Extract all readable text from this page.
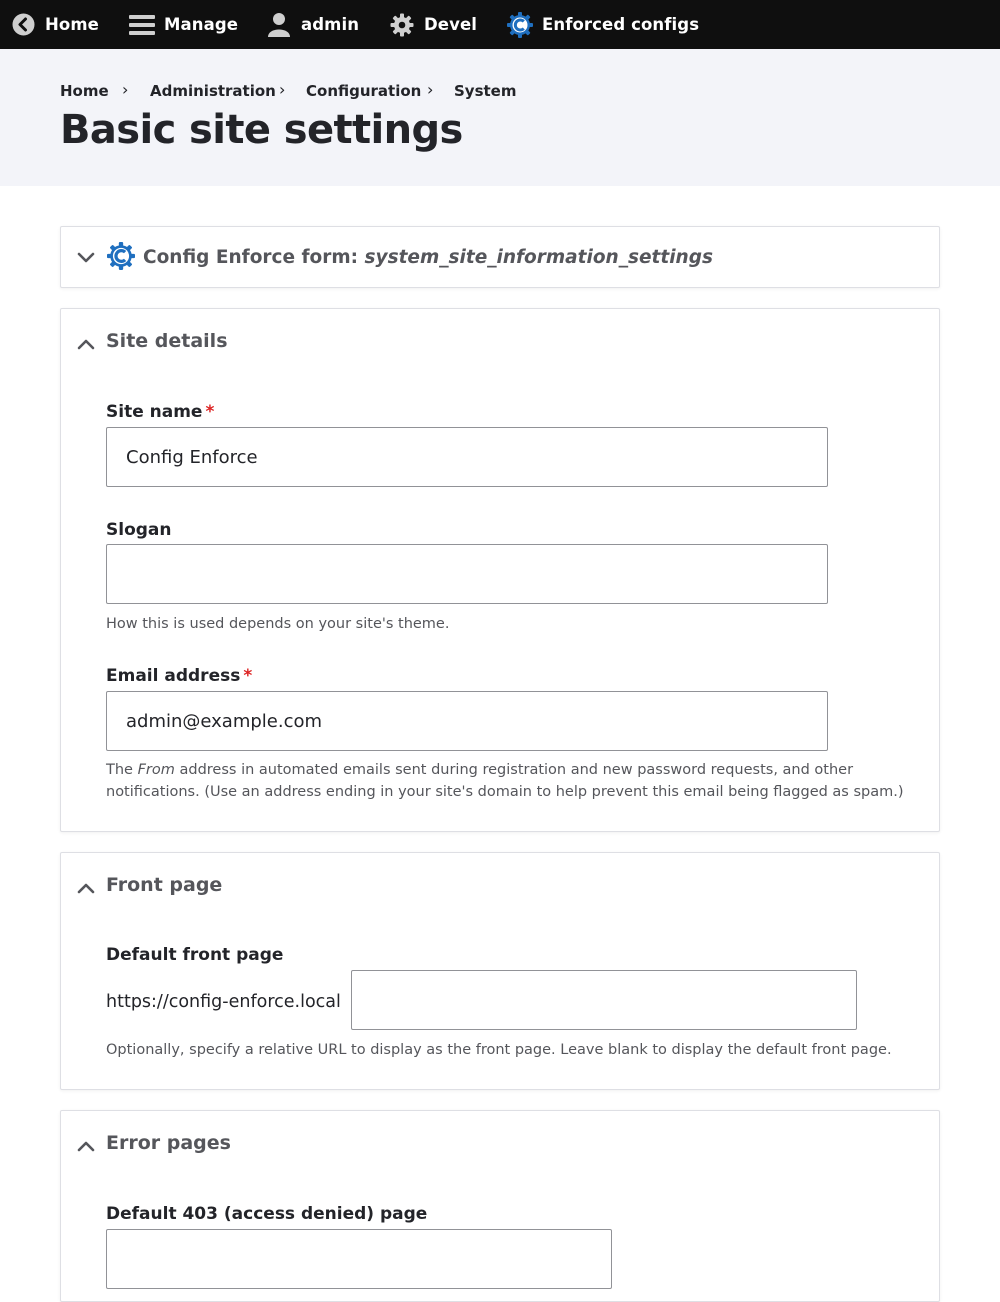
Home	Manage	admin	Devel	Enforced configs
Home › Administration › Configuration › System
Basic site settings
Config Enforce form: system_site_information_settings
Site details
Site name *
Config Enforce
Slogan
How this is used depends on your site's theme.
Email address *
admin@example.com
The From address in automated emails sent during registration and new password requests, and other
notifications. (Use an address ending in your site's domain to help prevent this email being flagged as spam.)
Front page
Default front page
https://config-enforce.local
Optionally, specify a relative URL to display as the front page. Leave blank to display the default front page.
Error pages
Default 403 (access denied) page
